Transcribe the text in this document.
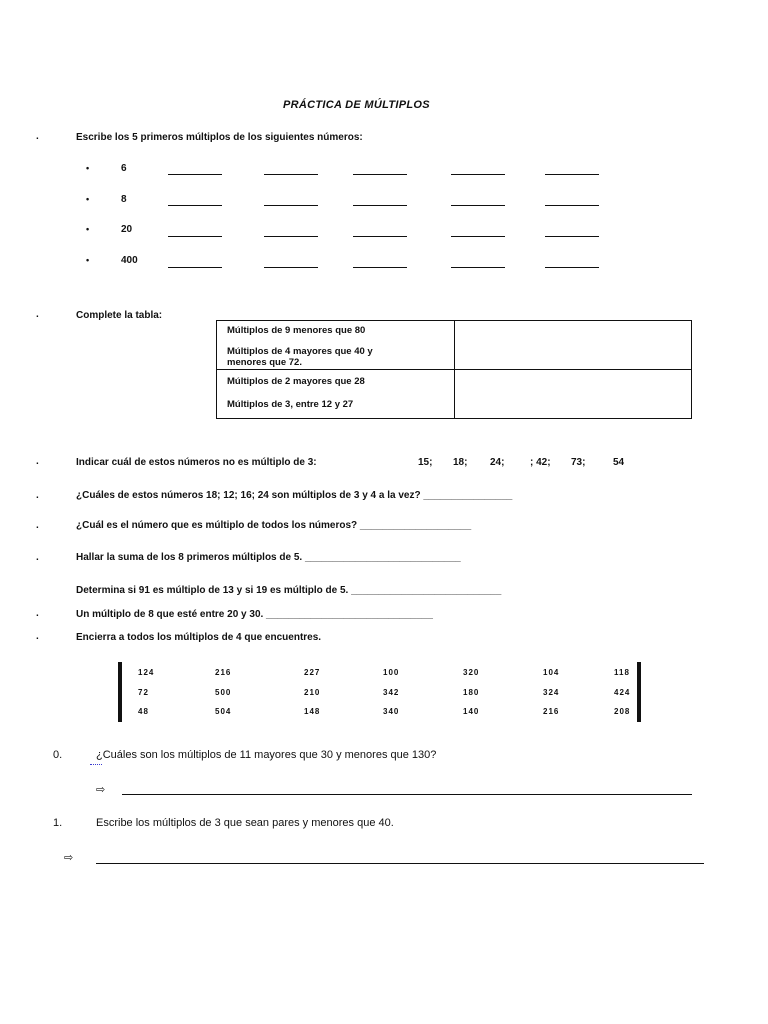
PRÁCTICA DE MÚLTIPLOS
.	Escribe los 5 primeros múltiplos de los siguientes números:
•	6
•	8
•	20
•	400
.	Complete la tabla:
Múltiplos de 9 menores que 80
Múltiplos de 4 mayores que 40 y
menores que 72.
Múltiplos de 2 mayores que 28
Múltiplos de 3, entre 12 y 27
.	Indicar cuál de estos números no es múltiplo de 3:	15; 18; 24;	; 42; 73;	54
.	¿Cuáles de estos números 18; 12; 16; 24 son múltiplos de 3 y 4 a la vez? ________________
.	¿Cuál es el número que es múltiplo de todos los números? ____________________
.	Hallar la suma de los 8 primeros múltiplos de 5. ____________________________
Determina si 91 es múltiplo de 13 y si 19 es múltiplo de 5. ___________________________
.	Un múltiplo de 8 que esté entre 20 y 30. ______________________________
.	Encierra a todos los múltiplos de 4 que encuentres.
124	216	227	100	320	104	118
72	500	210	342	180	324	424
48	504	148	340	140	216	208
0.	¿Cuáles son los múltiplos de 11 mayores que 30 y menores que 130?
⇨
1.	Escribe los múltiplos de 3 que sean pares y menores que 40.
⇨
